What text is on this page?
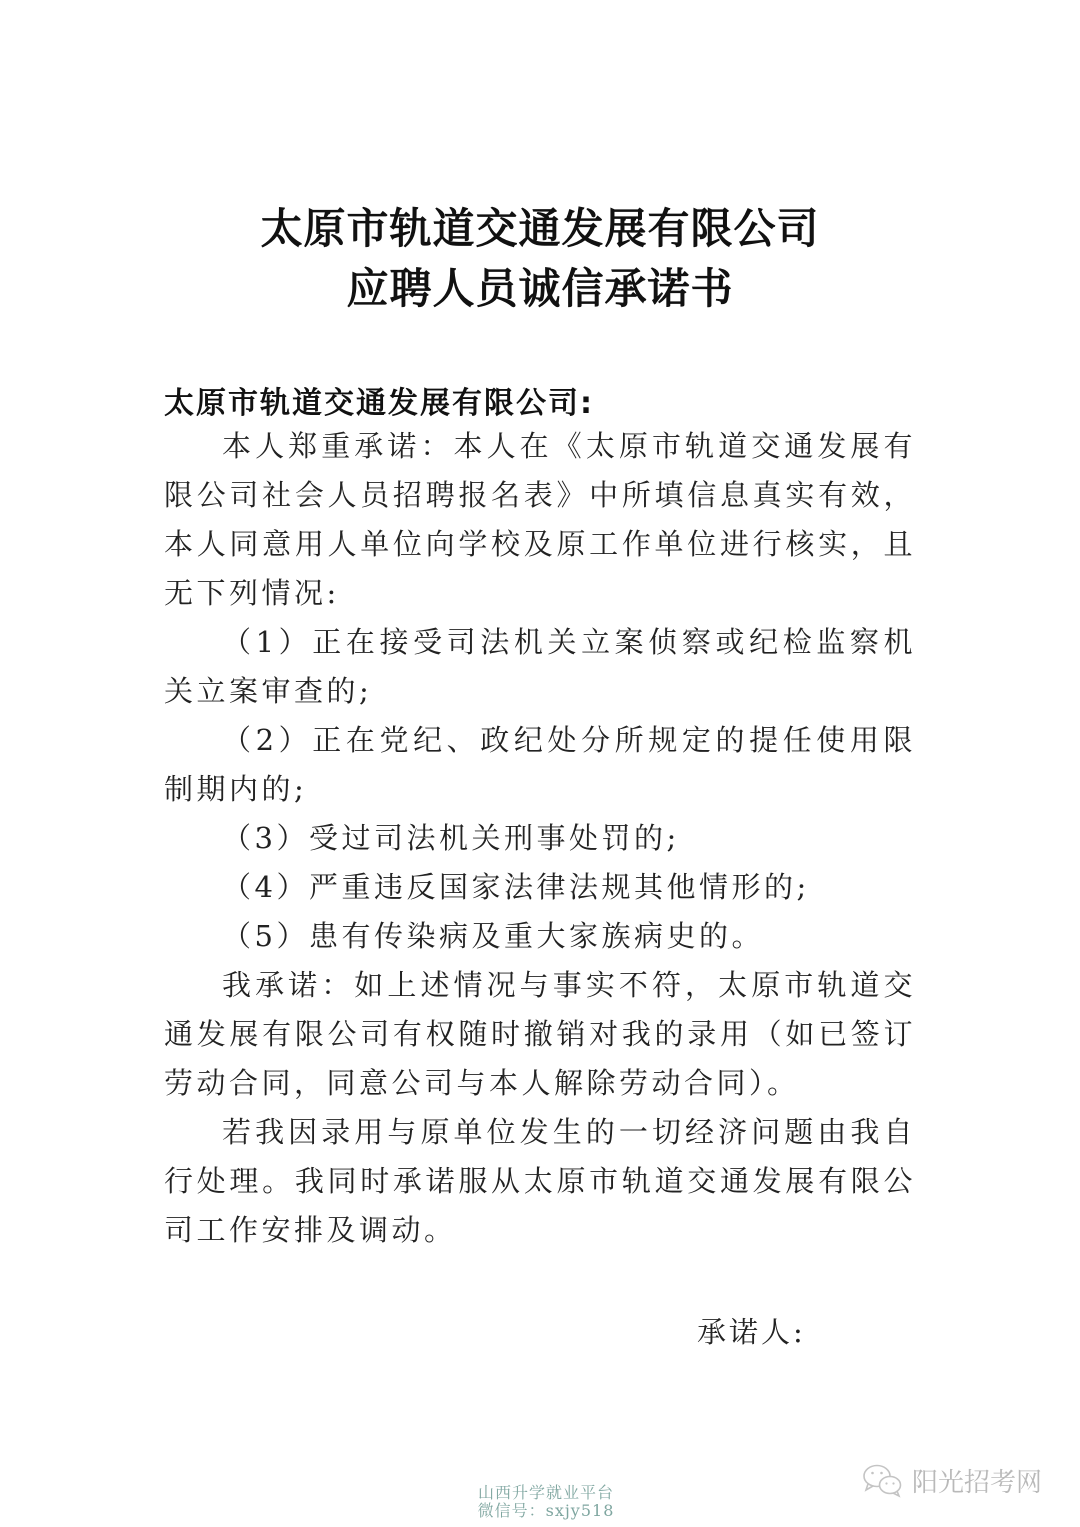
太原市轨道交通发展有限公司
应聘人员诚信承诺书
太原市轨道交通发展有限公司:

本人郑重承诺：本人在《太原市轨道交通发展有限公司社会人员招聘报名表》中所填信息真实有效，本人同意用人单位向学校及原工作单位进行核实，且无下列情况:

（1）正在接受司法机关立案侦察或纪检监察机关立案审查的;

（2）正在党纪、政纪处分所规定的提任使用限制期内的;

（3）受过司法机关刑事处罚的;

（4）严重违反国家法律法规其他情形的;

（5）患有传染病及重大家族病史的。

我承诺：如上述情况与事实不符，太原市轨道交通发展有限公司有权随时撤销对我的录用（如已签订劳动合同，同意公司与本人解除劳动合同）。

若我因录用与原单位发生的一切经济问题由我自行处理。我同时承诺服从太原市轨道交通发展有限公司工作安排及调动。

承诺人:
山西升学就业平台
微信号：sxjy518
阳光招考网
